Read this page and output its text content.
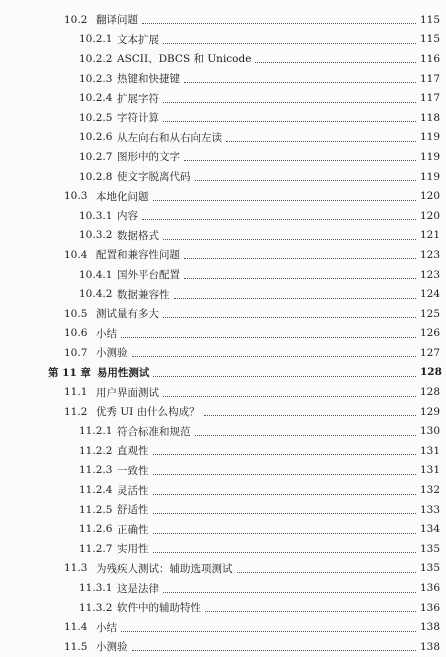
10.2 翻译问题	115
10.2.1 文本扩展	115
10.2.2 ASCII、DBCS 和 Unicode	116
10.2.3 热键和快捷键	117
10.2.4 扩展字符	117
10.2.5 字符计算	118
10.2.6 从左向右和从右向左读	119
10.2.7 图形中的文字	119
10.2.8 使文字脱离代码	119
10.3 本地化问题	120
10.3.1 内容	120
10.3.2 数据格式	121
10.4 配置和兼容性问题	123
10.4.1 国外平台配置	123
10.4.2 数据兼容性	124
10.5 测试量有多大	125
10.6 小结	126
10.7 小测验	127
第 11 章 易用性测试	128
11.1 用户界面测试	128
11.2 优秀 UI 由什么构成？	129
11.2.1 符合标准和规范	130
11.2.2 直观性	131
11.2.3 一致性	131
11.2.4 灵活性	132
11.2.5 舒适性	133
11.2.6 正确性	134
11.2.7 实用性	135
11.3 为残疾人测试：辅助选项测试	135
11.3.1 这是法律	136
11.3.2 软件中的辅助特性	136
11.4 小结	138
11.5 小测验	138
